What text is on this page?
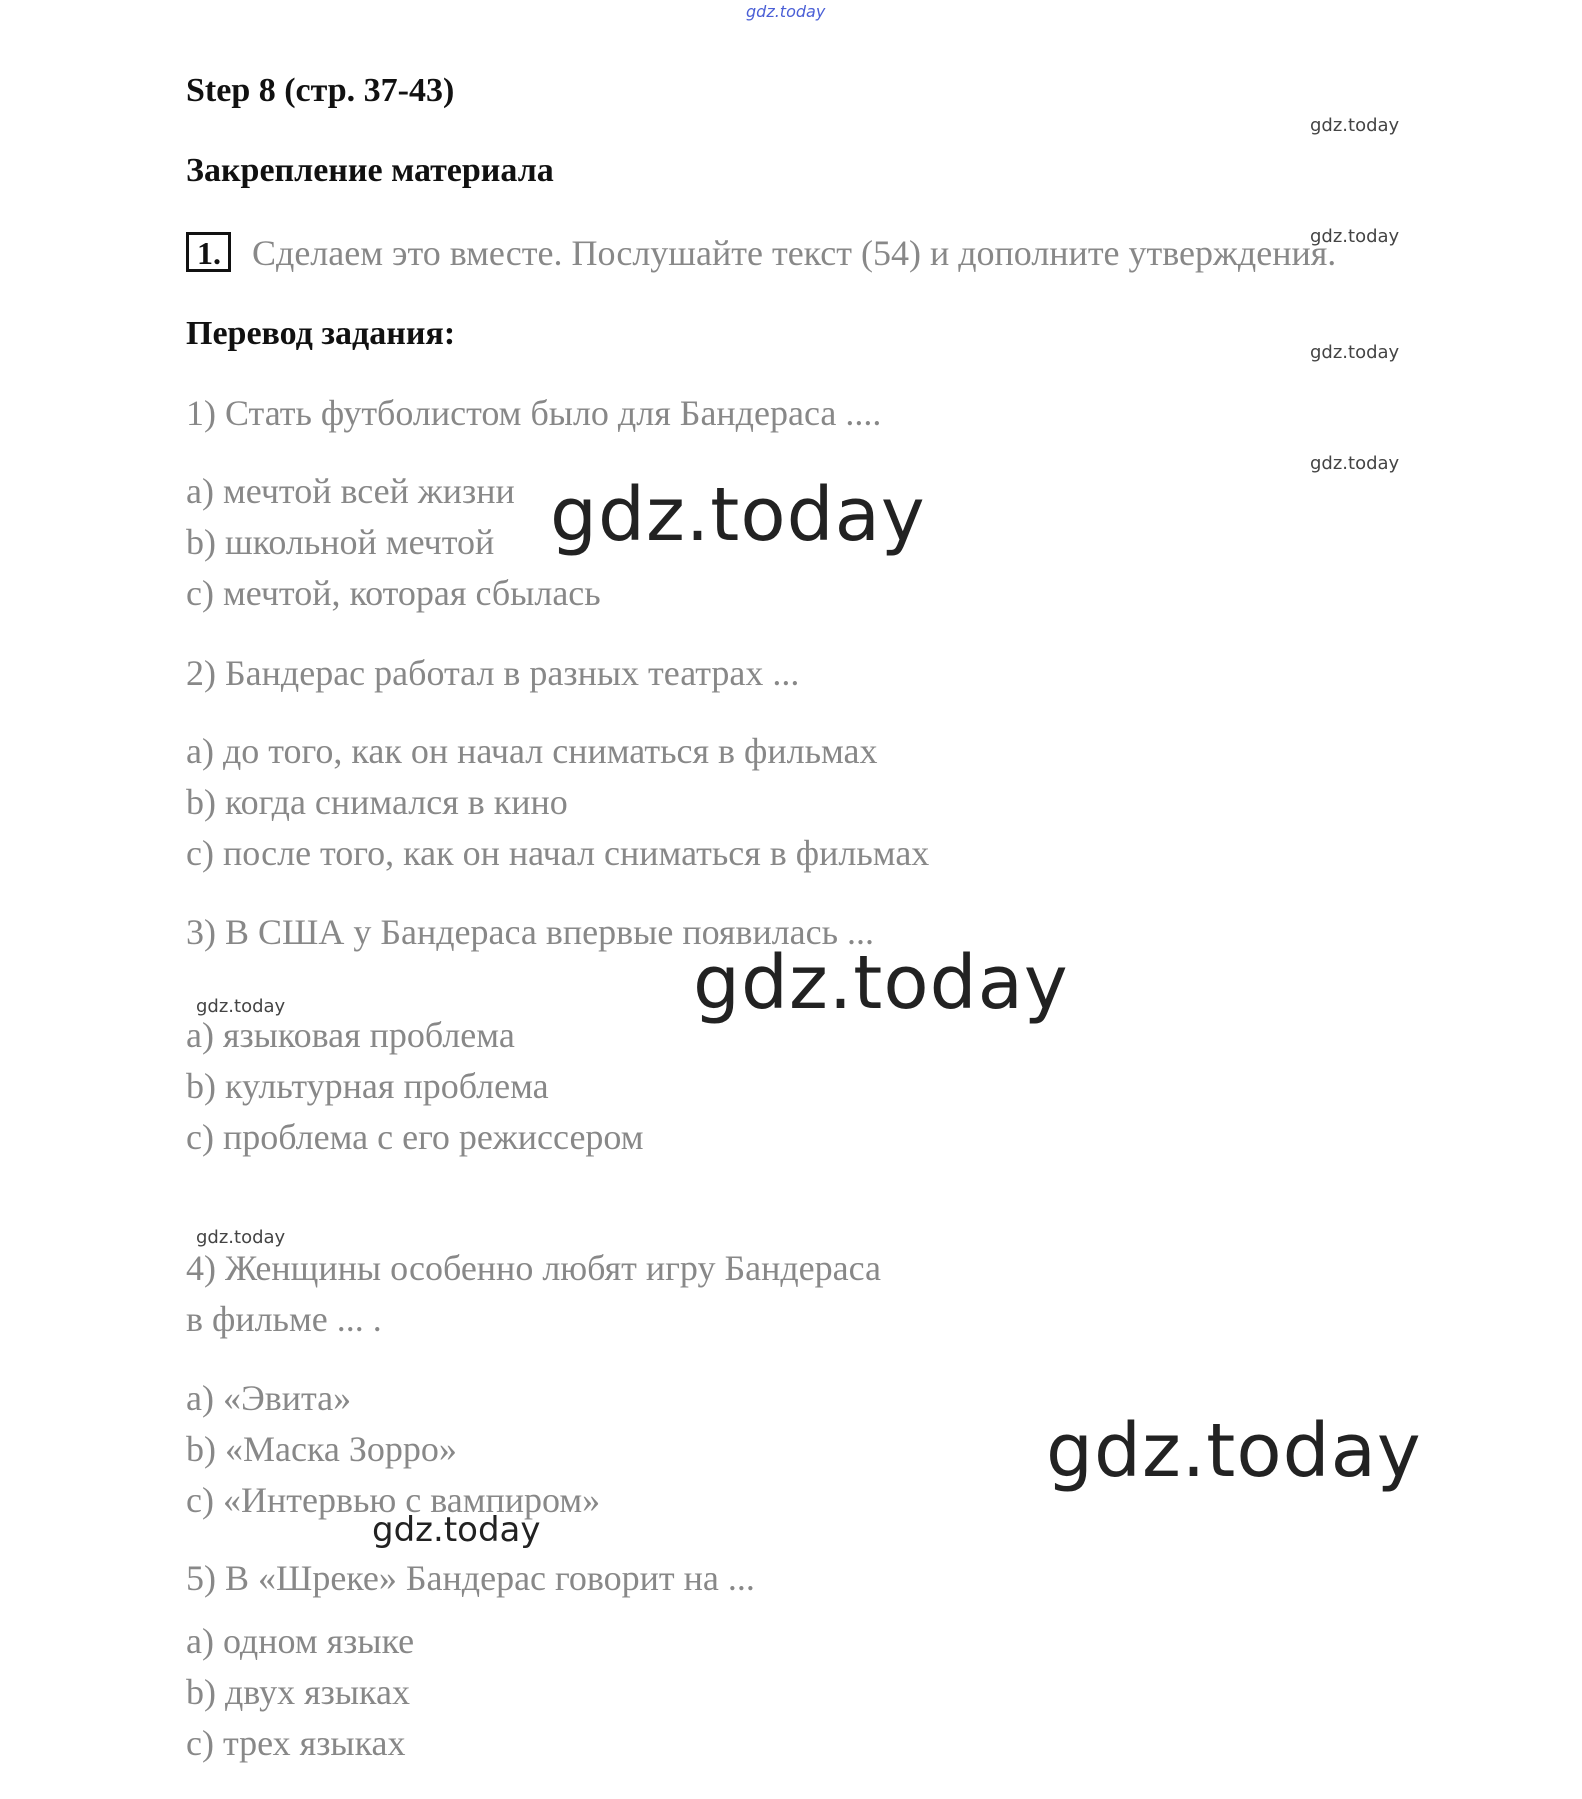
gdz.today
Step 8 (стр. 37-43)
Закрепление материала
1. Сделаем это вместе. Послушайте текст (54) и дополните утверждения.
Перевод задания:
gdz.today
gdz.today
gdz.today
gdz.today
gdz.today
gdz.today
1) Стать футболистом было для Бандераса ....
a) мечтой всей жизни
b) школьной мечтой
c) мечтой, которая сбылась
2) Бандерас работал в разных театрах ...
a) до того, как он начал сниматься в фильмах
b) когда снимался в кино
c) после того, как он начал сниматься в фильмах
3) В США у Бандераса впервые появилась ...
a) языковая проблема
b) культурная проблема
c) проблема с его режиссером
4) Женщины особенно любят игру Бандераса
в фильме ... .
a) «Эвита»
b) «Маска Зорро»
c) «Интервью с вампиром»
5) В «Шреке» Бандерас говорит на ...
a) одном языке
b) двух языках
c) трех языках
gdz.today
gdz.today
gdz.today
gdz.today
